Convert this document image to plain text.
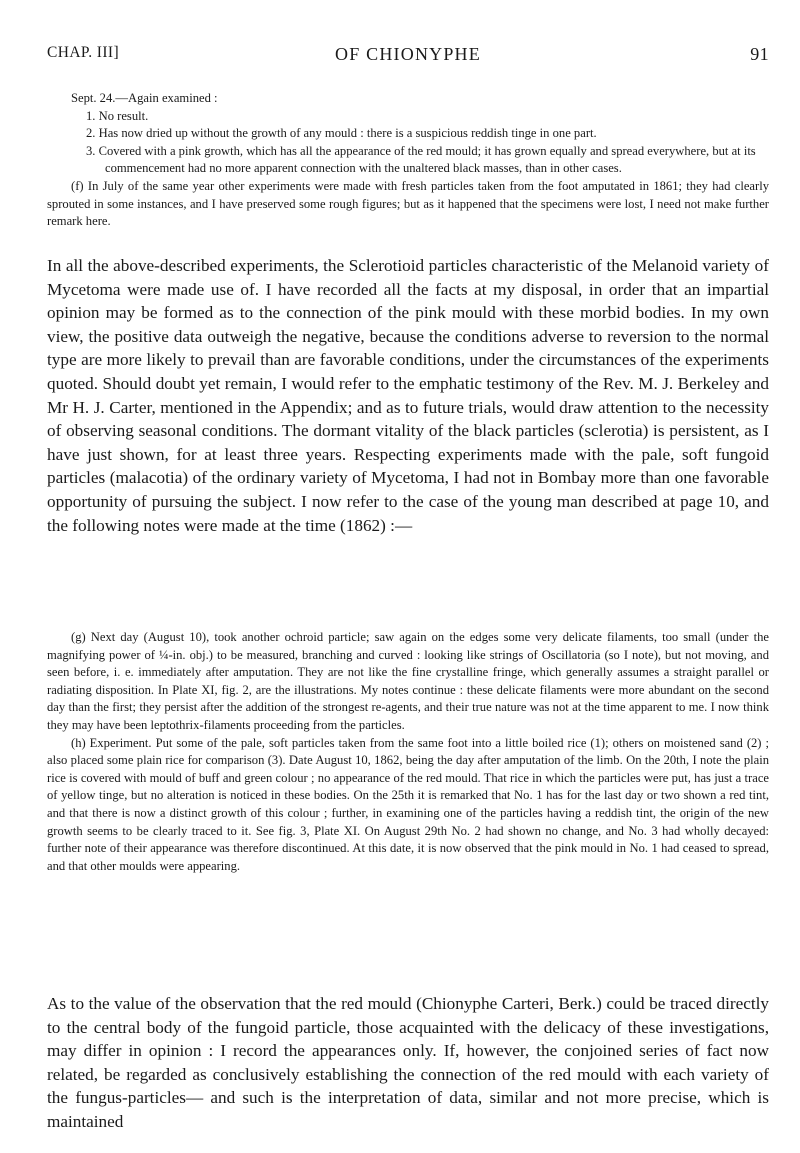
CHAP. III]	OF CHIONYPHE	91
Sept. 24.—Again examined :
1. No result.
2. Has now dried up without the growth of any mould : there is a suspicious reddish tinge in one part.
3. Covered with a pink growth, which has all the appearance of the red mould; it has grown equally and spread everywhere, but at its commencement had no more apparent connection with the unaltered black masses, than in other cases.

(f) In July of the same year other experiments were made with fresh particles taken from the foot amputated in 1861; they had clearly sprouted in some instances, and I have preserved some rough figures; but as it happened that the specimens were lost, I need not make further remark here.

In all the above-described experiments, the Sclerotioid particles characteristic of the Melanoid variety of Mycetoma were made use of. I have recorded all the facts at my disposal, in order that an impartial opinion may be formed as to the connection of the pink mould with these morbid bodies. In my own view, the positive data outweigh the negative, because the conditions adverse to reversion to the normal type are more likely to prevail than are favorable conditions, under the circumstances of the experiments quoted. Should doubt yet remain, I would refer to the emphatic testimony of the Rev. M. J. Berkeley and Mr H. J. Carter, mentioned in the Appendix; and as to future trials, would draw attention to the necessity of observing seasonal conditions. The dormant vitality of the black particles (sclerotia) is persistent, as I have just shown, for at least three years. Respecting experiments made with the pale, soft fungoid particles (malacotia) of the ordinary variety of Mycetoma, I had not in Bombay more than one favorable opportunity of pursuing the subject. I now refer to the case of the young man described at page 10, and the following notes were made at the time (1862) :—

(g) Next day (August 10), took another ochroid particle; saw again on the edges some very delicate filaments, too small (under the magnifying power of ¼-in. obj.) to be measured, branching and curved : looking like strings of Oscillatoria (so I note), but not moving, and seen before, i. e. immediately after amputation. They are not like the fine crystalline fringe, which generally assumes a straight parallel or radiating disposition. In Plate XI, fig. 2, are the illustrations. My notes continue : these delicate filaments were more abundant on the second day than the first; they persist after the addition of the strongest re-agents, and their true nature was not at the time apparent to me. I now think they may have been leptothrix-filaments proceeding from the particles.

(h) Experiment. Put some of the pale, soft particles taken from the same foot into a little boiled rice (1); others on moistened sand (2) ; also placed some plain rice for comparison (3). Date August 10, 1862, being the day after amputation of the limb. On the 20th, I note the plain rice is covered with mould of buff and green colour ; no appearance of the red mould. That rice in which the particles were put, has just a trace of yellow tinge, but no alteration is noticed in these bodies. On the 25th it is remarked that No. 1 has for the last day or two shown a red tint, and that there is now a distinct growth of this colour ; further, in examining one of the particles having a reddish tint, the origin of the new growth seems to be clearly traced to it. See fig. 3, Plate XI. On August 29th No. 2 had shown no change, and No. 3 had wholly decayed: further note of their appearance was therefore discontinued. At this date, it is now observed that the pink mould in No. 1 had ceased to spread, and that other moulds were appearing.

As to the value of the observation that the red mould (Chionyphe Carteri, Berk.) could be traced directly to the central body of the fungoid particle, those acquainted with the delicacy of these investigations, may differ in opinion : I record the appearances only. If, however, the conjoined series of fact now related, be regarded as conclusively establishing the connection of the red mould with each variety of the fungus-particles— and such is the interpretation of data, similar and not more precise, which is maintained
